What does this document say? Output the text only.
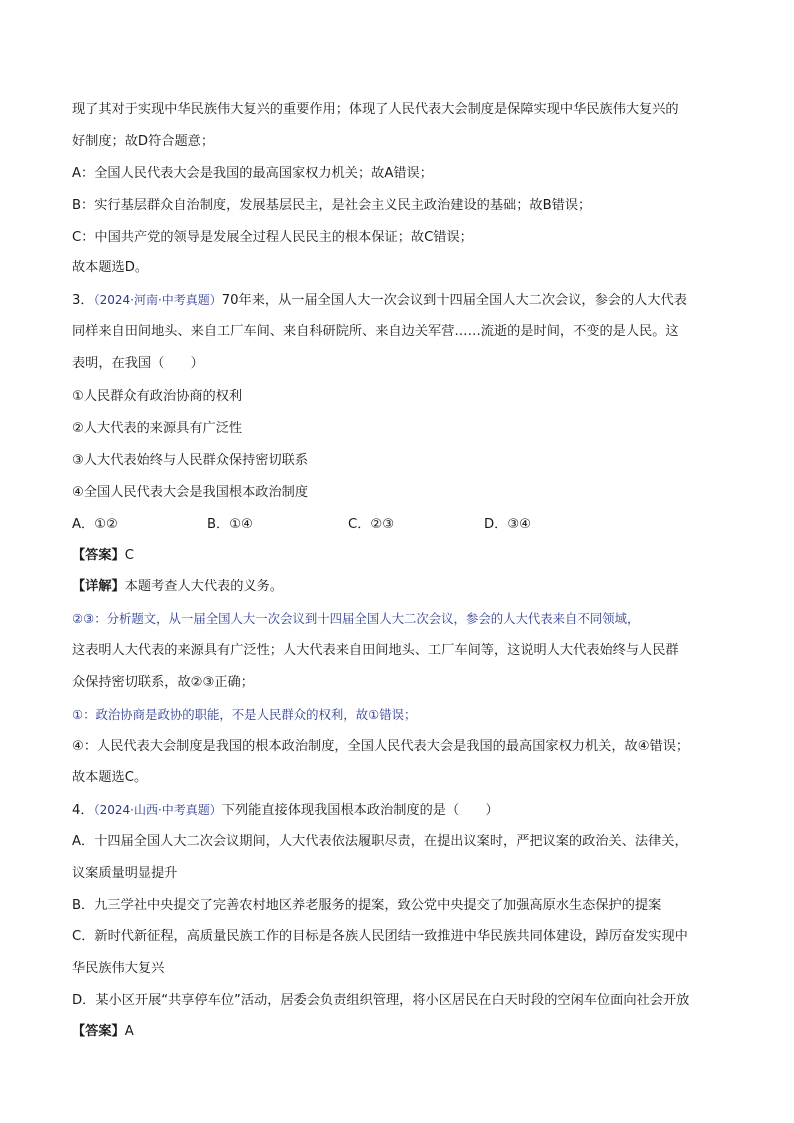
现了其对于实现中华民族伟大复兴的重要作用；体现了人民代表大会制度是保障实现中华民族伟大复兴的
好制度；故D符合题意；
A：全国人民代表大会是我国的最高国家权力机关；故A错误；
B：实行基层群众自治制度，发展基层民主，是社会主义民主政治建设的基础；故B错误；
C：中国共产党的领导是发展全过程人民民主的根本保证；故C错误；
故本题选D。
3．（2024·河南·中考真题）70年来，从一届全国人大一次会议到十四届全国人大二次会议，参会的人大代表
同样来自田间地头、来自工厂车间、来自科研院所、来自边关军营……流逝的是时间，不变的是人民。这
表明，在我国（　　）
①人民群众有政治协商的权利
②人大代表的来源具有广泛性
③人大代表始终与人民群众保持密切联系
④全国人民代表大会是我国根本政治制度
A．①②	B．①④	C．②③	D．③④
【答案】C
【详解】本题考查人大代表的义务。
②③：分析题文，从一届全国人大一次会议到十四届全国人大二次会议，参会的人大代表来自不同领域，
这表明人大代表的来源具有广泛性；人大代表来自田间地头、工厂车间等，这说明人大代表始终与人民群
众保持密切联系，故②③正确；
①：政治协商是政协的职能，不是人民群众的权利，故①错误；
④：人民代表大会制度是我国的根本政治制度，全国人民代表大会是我国的最高国家权力机关，故④错误；
故本题选C。
4．（2024·山西·中考真题）下列能直接体现我国根本政治制度的是（　　）
A．十四届全国人大二次会议期间，人大代表依法履职尽责，在提出议案时，严把议案的政治关、法律关，
议案质量明显提升
B．九三学社中央提交了完善农村地区养老服务的提案，致公党中央提交了加强高原水生态保护的提案
C．新时代新征程，高质量民族工作的目标是各族人民团结一致推进中华民族共同体建设，踔厉奋发实现中
华民族伟大复兴
D．某小区开展“共享停车位”活动，居委会负责组织管理，将小区居民在白天时段的空闲车位面向社会开放
【答案】A
